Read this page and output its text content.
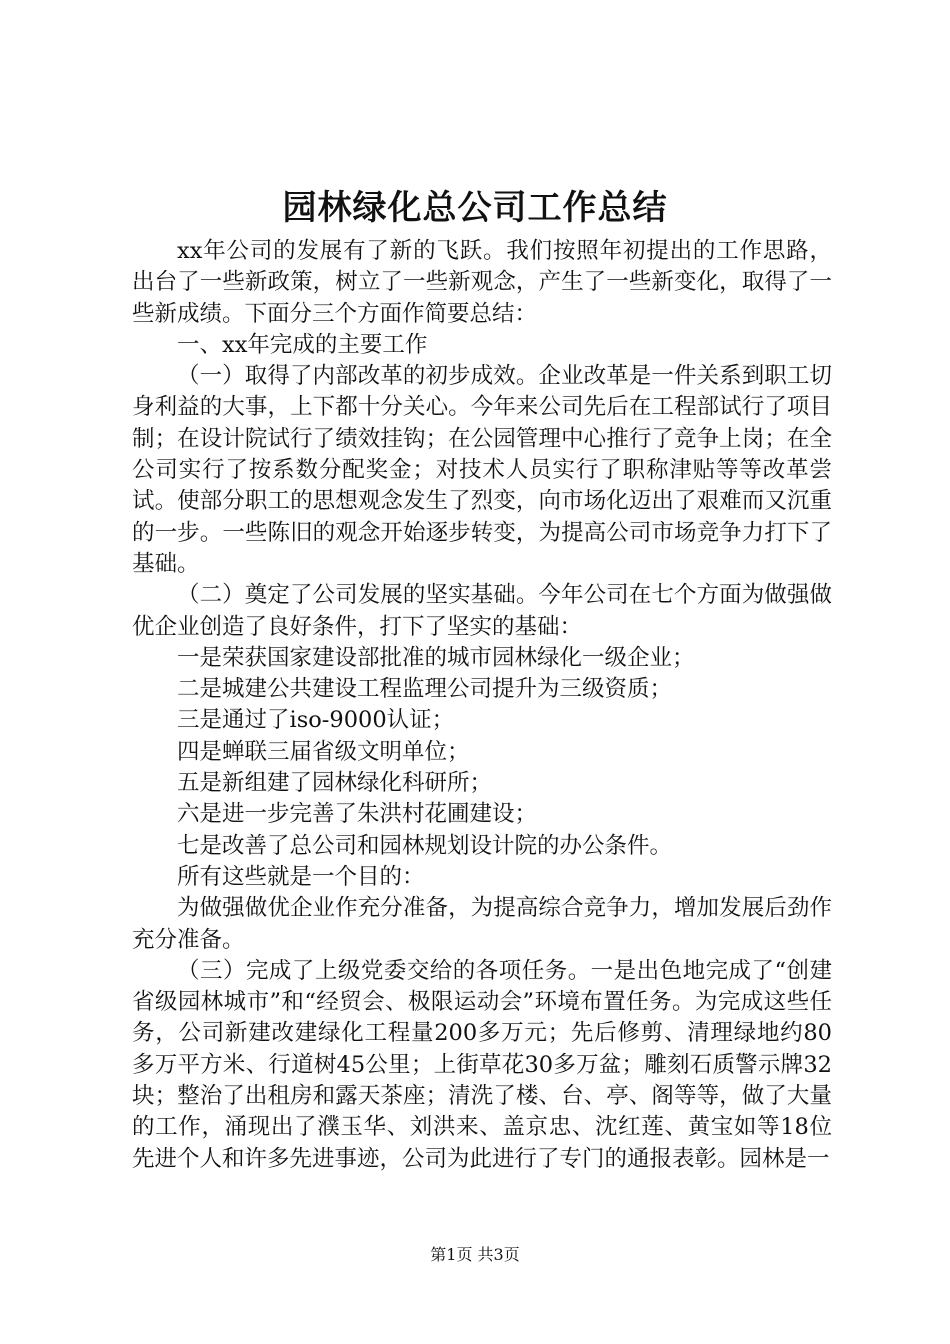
园林绿化总公司工作总结

xx年公司的发展有了新的飞跃。我们按照年初提出的工作思路，出台了一些新政策，树立了一些新观念，产生了一些新变化，取得了一些新成绩。下面分三个方面作简要总结：

一、xx年完成的主要工作

（一）取得了内部改革的初步成效。企业改革是一件关系到职工切身利益的大事，上下都十分关心。今年来公司先后在工程部试行了项目制；在设计院试行了绩效挂钩；在公园管理中心推行了竞争上岗；在全公司实行了按系数分配奖金；对技术人员实行了职称津贴等等改革尝试。使部分职工的思想观念发生了烈变，向市场化迈出了艰难而又沉重的一步。一些陈旧的观念开始逐步转变，为提高公司市场竞争力打下了基础。

（二）奠定了公司发展的坚实基础。今年公司在七个方面为做强做优企业创造了良好条件，打下了坚实的基础：

一是荣获国家建设部批准的城市园林绿化一级企业；

二是城建公共建设工程监理公司提升为三级资质；

三是通过了iso-9000认证；

四是蝉联三届省级文明单位；

五是新组建了园林绿化科研所；

六是进一步完善了朱洪村花圃建设；

七是改善了总公司和园林规划设计院的办公条件。

所有这些就是一个目的：

为做强做优企业作充分准备，为提高综合竞争力，增加发展后劲作充分准备。

（三）完成了上级党委交给的各项任务。一是出色地完成了“创建省级园林城市”和“经贸会、极限运动会”环境布置任务。为完成这些任务，公司新建改建绿化工程量200多万元；先后修剪、清理绿地约80多万平方米、行道树45公里；上街草花30多万盆；雕刻石质警示牌32块；整治了出租房和露天茶座；清洗了楼、台、亭、阁等等，做了大量的工作，涌现出了濮玉华、刘洪来、盖京忠、沈红莲、黄宝如等18位先进个人和许多先进事迹，公司为此进行了专门的通报表彰。园林是一

第1页 共3页
